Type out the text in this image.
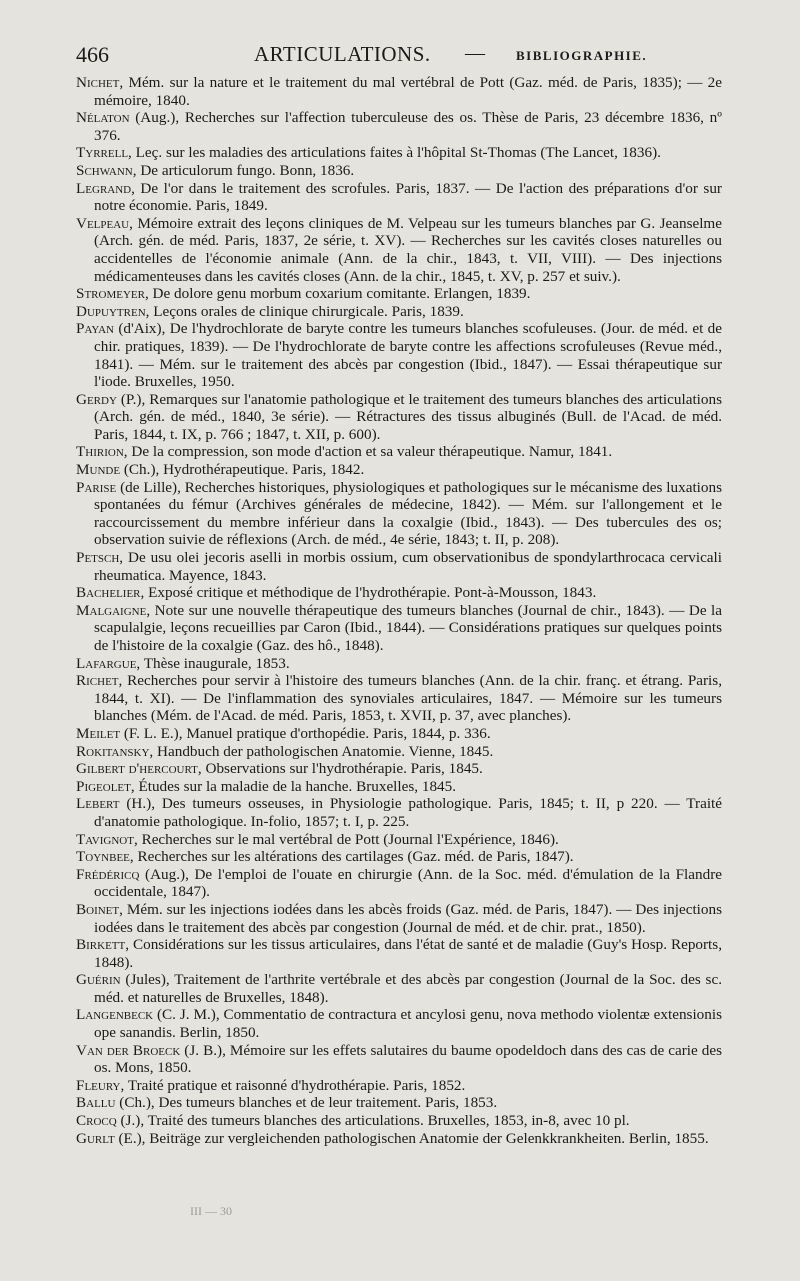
466	ARTICULATIONS. — BIBLIOGRAPHIE.
Nichet, Mém. sur la nature et le traitement du mal vertébral de Pott (Gaz. méd. de Paris, 1835); — 2e mémoire, 1840.
Nélaton (Aug.), Recherches sur l'affection tuberculeuse des os. Thèse de Paris, 23 décembre 1836, nº 376.
Tyrrell, Leç. sur les maladies des articulations faites à l'hôpital St-Thomas (The Lancet, 1836).
Schwann, De articulorum fungo. Bonn, 1836.
Legrand, De l'or dans le traitement des scrofules. Paris, 1837. — De l'action des préparations d'or sur notre économie. Paris, 1849.
Velpeau, Mémoire extrait des leçons cliniques de M. Velpeau sur les tumeurs blanches par G. Jeanselme (Arch. gén. de méd. Paris, 1837, 2e série, t. XV). — Recherches sur les cavités closes naturelles ou accidentelles de l'économie animale (Ann. de la chir., 1843, t. VII, VIII). — Des injections médicamenteuses dans les cavités closes (Ann. de la chir., 1845, t. XV, p. 257 et suiv.).
Stromeyer, De dolore genu morbum coxarium comitante. Erlangen, 1839.
Dupuytren, Leçons orales de clinique chirurgicale. Paris, 1839.
Payan (d'Aix), De l'hydrochlorate de baryte contre les tumeurs blanches scofuleuses. (Jour. de méd. et de chir. pratiques, 1839). — De l'hydrochlorate de baryte contre les affections scrofuleuses (Revue méd., 1841). — Mém. sur le traitement des abcès par congestion (Ibid., 1847). — Essai thérapeutique sur l'iode. Bruxelles, 1950.
Gerdy (P.), Remarques sur l'anatomie pathologique et le traitement des tumeurs blanches des articulations (Arch. gén. de méd., 1840, 3e série). — Rétractures des tissus albuginés (Bull. de l'Acad. de méd. Paris, 1844, t. IX, p. 766 ; 1847, t. XII, p. 600).
Thirion, De la compression, son mode d'action et sa valeur thérapeutique. Namur, 1841.
Munde (Ch.), Hydrothérapeutique. Paris, 1842.
Parise (de Lille), Recherches historiques, physiologiques et pathologiques sur le mécanisme des luxations spontanées du fémur (Archives générales de médecine, 1842). — Mém. sur l'allongement et le raccourcissement du membre inférieur dans la coxalgie (Ibid., 1843). — Des tubercules des os; observation suivie de réflexions (Arch. de méd., 4e série, 1843; t. II, p. 208).
Petsch, De usu olei jecoris aselli in morbis ossium, cum observationibus de spondylarthrocaca cervicali rheumatica. Mayence, 1843.
Bachelier, Exposé critique et méthodique de l'hydrothérapie. Pont-à-Mousson, 1843.
Malgaigne, Note sur une nouvelle thérapeutique des tumeurs blanches (Journal de chir., 1843). — De la scapulalgie, leçons recueillies par Caron (Ibid., 1844). — Considérations pratiques sur quelques points de l'histoire de la coxalgie (Gaz. des hô., 1848).
Lafargue, Thèse inaugurale, 1853.
Richet, Recherches pour servir à l'histoire des tumeurs blanches (Ann. de la chir. franç. et étrang. Paris, 1844, t. XI). — De l'inflammation des synoviales articulaires, 1847. — Mémoire sur les tumeurs blanches (Mém. de l'Acad. de méd. Paris, 1853, t. XVII, p. 37, avec planches).
Meilet (F. L. E.), Manuel pratique d'orthopédie. Paris, 1844, p. 336.
Rokitansky, Handbuch der pathologischen Anatomie. Vienne, 1845.
Gilbert d'hercourt, Observations sur l'hydrothérapie. Paris, 1845.
Pigeolet, Études sur la maladie de la hanche. Bruxelles, 1845.
Lebert (H.), Des tumeurs osseuses, in Physiologie pathologique. Paris, 1845; t. II, p 220. — Traité d'anatomie pathologique. In-folio, 1857; t. I, p. 225.
Tavignot, Recherches sur le mal vertébral de Pott (Journal l'Expérience, 1846).
Toynbee, Recherches sur les altérations des cartilages (Gaz. méd. de Paris, 1847).
Frédéricq (Aug.), De l'emploi de l'ouate en chirurgie (Ann. de la Soc. méd. d'émulation de la Flandre occidentale, 1847).
Boinet, Mém. sur les injections iodées dans les abcès froids (Gaz. méd. de Paris, 1847). — Des injections iodées dans le traitement des abcès par congestion (Journal de méd. et de chir. prat., 1850).
Birkett, Considérations sur les tissus articulaires, dans l'état de santé et de maladie (Guy's Hosp. Reports, 1848).
Guérin (Jules), Traitement de l'arthrite vertébrale et des abcès par congestion (Journal de la Soc. des sc. méd. et naturelles de Bruxelles, 1848).
Langenbeck (C. J. M.), Commentatio de contractura et ancylosi genu, nova methodo violentæ extensionis ope sanandis. Berlin, 1850.
Van der Broeck (J. B.), Mémoire sur les effets salutaires du baume opodeldoch dans des cas de carie des os. Mons, 1850.
Fleury, Traité pratique et raisonné d'hydrothérapie. Paris, 1852.
Ballu (Ch.), Des tumeurs blanches et de leur traitement. Paris, 1853.
Crocq (J.), Traité des tumeurs blanches des articulations. Bruxelles, 1853, in-8, avec 10 pl.
Gurlt (E.), Beiträge zur vergleichenden pathologischen Anatomie der Gelenkkrankheiten. Berlin, 1855.
III — 30
